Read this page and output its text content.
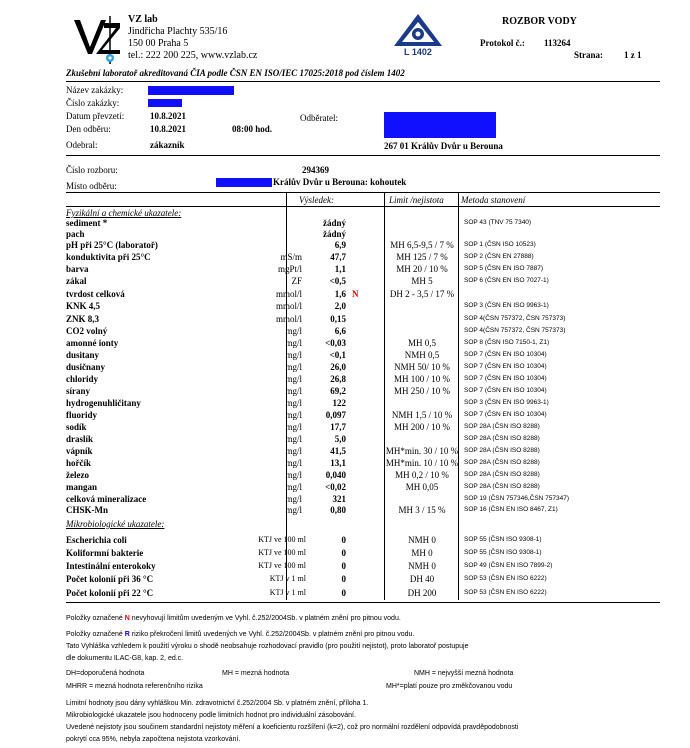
VZ lab
Jindřicha Plachty 535/16
150 00 Praha 5
tel.: 222 200 225, www.vzlab.cz	L 1402
ROZBOR VODY
Protokol č.: 113264
Strana: 1 z 1
Zkušební laboratoř akreditovaná ČIA podle ČSN EN ISO/IEC 17025:2018 pod číslem 1402
Název zakázky:
Číslo zakázky:
Datum převzetí:	10.8.2021	Odběratel:
Den odběru:	10.8.2021	08:00 hod.
Odebral:	zákazník	267 01 Králův Dvůr u Berouna
Číslo rozboru:	294369
Místo odběru:	Králův Dvůr u Berouna: kohoutek
Výsledek:	Limit /nejistota Metoda stanovení
Fyzikální a chemické ukazatele:
sediment *	žádný	SOP 43 (TNV 75 7340)
pach	žádný
pH při 25°C (laboratoř)	6,9	MH 6,5-9,5 / 7 %	SOP 1 (ČSN ISO 10523)
konduktivita při 25°C	mS/m	47,7	MH 125 / 7 %	SOP 2 (ČSN EN 27888)
barva	mgPt/l	1,1	MH 20 / 10 %	SOP 5 (ČSN EN ISO 7887)
zákal	ZF	<0,5	MH 5	SOP 6 (ČSN EN ISO 7027-1)
tvrdost celková	mmol/l	1,6 N	DH 2 - 3,5 / 17 %
KNK 4,5	mmol/l	2,0	SOP 3 (ČSN EN ISO 9963-1)
ZNK 8,3	mmol/l	0,15	SOP 4(ČSN 757372, ČSN 757373)
CO2 volný	mg/l	6,6	SOP 4(ČSN 757372, ČSN 757373)
amonné ionty	mg/l	<0,03	MH 0,5	SOP 8 (ČSN ISO 7150-1, Z1)
dusitany	mg/l	<0,1	NMH 0,5	SOP 7 (ČSN EN ISO 10304)
dusičnany	mg/l	26,0	NMH 50/ 10 %	SOP 7 (ČSN EN ISO 10304)
chloridy	mg/l	26,8	MH 100 / 10 %	SOP 7 (ČSN EN ISO 10304)
sírany	mg/l	69,2	MH 250 / 10 %	SOP 7 (ČSN EN ISO 10304)
hydrogenuhličitany	mg/l	122	SOP 3 (ČSN EN ISO 9963-1)
fluoridy	mg/l	0,097	NMH 1,5 / 10 %	SOP 7 (ČSN EN ISO 10304)
sodík	mg/l	17,7	MH 200 / 10 %	SOP 28A (ČSN ISO 8288)
draslík	mg/l	5,0	SOP 28A (ČSN ISO 8288)
vápník	mg/l	41,5	MH*min. 30 / 10 % SOP 28A (ČSN ISO 8288)
hořčík	mg/l	13,1	MH*min. 10 / 10 % SOP 28A (ČSN ISO 8288)
železo	mg/l	0,040	MH 0,2 / 10 %	SOP 28A (ČSN ISO 8288)
mangan	mg/l	<0,02	MH 0,05	SOP 28A (ČSN ISO 8288)
celková mineralizace	mg/l	321	SOP 19 (ČSN 757346,ČSN 757347)
CHSK-Mn	mg/l	0,80	MH 3 / 15 %	SOP 16 (ČSN EN ISO 8467, Z1)
Mikrobiologické ukazatele:
Escherichia coli	KTJ ve 100 ml	0	NMH 0	SOP 55 (ČSN ISO 9308-1)
Koliformní bakterie	KTJ ve 100 ml	0	MH 0	SOP 55 (ČSN ISO 9308-1)
Intestinální enterokoky	KTJ ve 100 ml	0	NMH 0	SOP 49 (ČSN EN ISO 7899-2)
Počet kolonií při 36 °C	KTJ v 1 ml	0	DH 40	SOP 53 (ČSN EN ISO 6222)
Počet kolonií při 22 °C	KTJ v 1 ml	0	DH 200	SOP 53 (ČSN EN ISO 6222)
Položky označené N nevyhovují limitům uvedeným ve Vyhl. č.252/2004Sb. v platném znění pro pitnou vodu.
Položky označené R riziko překročení limitů uvedených ve Vyhl. č.252/2004Sb. v platném znění pro pitnou vodu.
Tato Vyhláška vzhledem k použití výroku o shodě neobsahuje rozhodovací pravidlo (pro použití nejistot), proto laboratoř postupuje
dle dokumentu ILAC-G8, kap. 2, ed.c.
DH=doporučená hodnota	MH = mezná hodnota	NMH = nejvyšší mezná hodnota
MHRR = mezná hodnota referenčního rizika	MH*=platí pouze pro změkčovanou vodu
Limitní hodnoty jsou dány vyhláškou Min. zdravotnictví č.252/2004 Sb. v platném znění, příloha 1.
Mikrobiologické ukazatele jsou hodnoceny podle limitních hodnot pro individuální zásobování.
Uvedené nejistoty jsou součinem standardní nejistoty měření a koeficientu rozšíření (k=2), což pro normální rozdělení odpovídá pravděpodobnosti
pokrytí cca 95%, nebyla započtena nejistota vzorkování.
